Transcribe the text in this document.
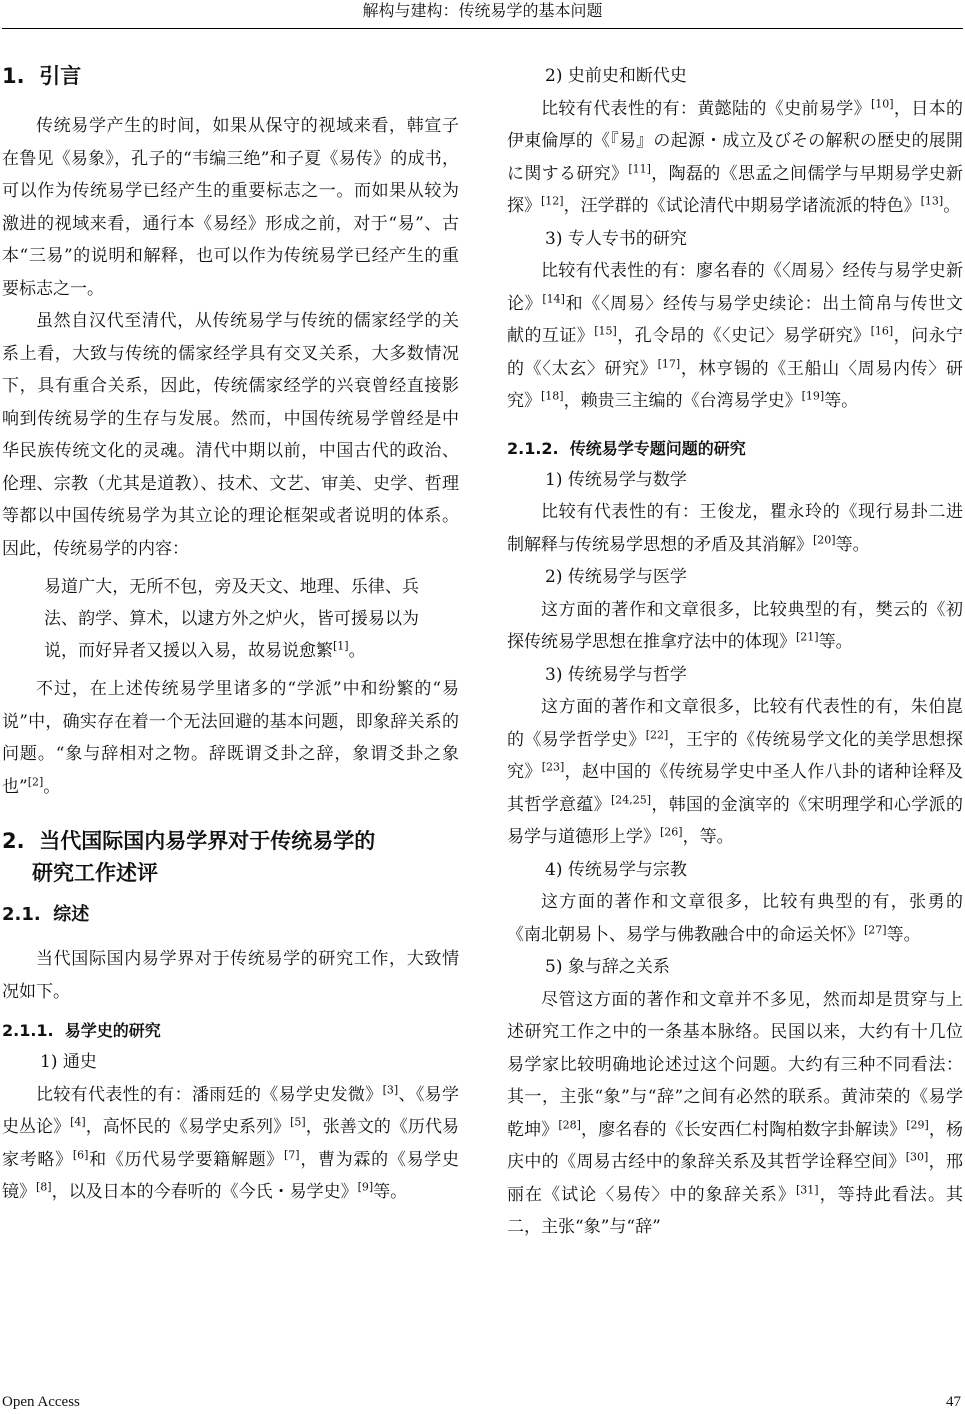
解构与建构：传统易学的基本问题
1. 引言

传统易学产生的时间，如果从保守的视域来看，韩宣子在鲁见《易象》，孔子的“韦编三绝”和子夏《易传》的成书，可以作为传统易学已经产生的重要标志之一。而如果从较为激进的视域来看，通行本《易经》形成之前，对于“易”、古本“三易”的说明和解释，也可以作为传统易学已经产生的重要标志之一。

虽然自汉代至清代，从传统易学与传统的儒家经学的关系上看，大致与传统的儒家经学具有交叉关系，大多数情况下，具有重合关系，因此，传统儒家经学的兴衰曾经直接影响到传统易学的生存与发展。然而，中国传统易学曾经是中华民族传统文化的灵魂。清代中期以前，中国古代的政治、伦理、宗教（尤其是道教）、技术、文艺、审美、史学、哲理等都以中国传统易学为其立论的理论框架或者说明的体系。因此，传统易学的内容：

易道广大，无所不包，旁及天文、地理、乐律、兵法、韵学、算术，以逮方外之炉火，皆可援易以为说，而好异者又援以入易，故易说愈繁[1]。

不过，在上述传统易学里诸多的“学派”中和纷繁的“易说”中，确实存在着一个无法回避的基本问题，即象辞关系的问题。“象与辞相对之物。辞既谓爻卦之辞，象谓爻卦之象也”[2]。

2. 当代国际国内易学界对于传统易学的
研究工作述评
2.1. 综述

当代国际国内易学界对于传统易学的研究工作，大致情况如下。

2.1.1. 易学史的研究

1) 通史

比较有代表性的有：潘雨廷的《易学史发微》[3]、《易学史丛论》[4]，高怀民的《易学史系列》[5]，张善文的《历代易家考略》[6]和《历代易学要籍解题》[7]，曹为霖的《易学史镜》[8]，以及日本的今春听的《今氏・易学史》[9]等。

2) 史前史和断代史

比较有代表性的有：黄懿陆的《史前易学》[10]，日本的伊東倫厚的《『易』の起源・成立及びその解釈の歴史的展開に関する研究》[11]，陶磊的《思孟之间儒学与早期易学史新探》[12]，汪学群的《试论清代中期易学诸流派的特色》[13]。

3) 专人专书的研究

比较有代表性的有：廖名春的《〈周易〉经传与易学史新论》[14]和《〈周易〉经传与易学史续论：出土简帛与传世文献的互证》[15]，孔令昂的《〈史记〉易学研究》[16]，问永宁的《〈太玄〉研究》[17]，林亨锡的《王船山〈周易内传〉研究》[18]，赖贵三主编的《台湾易学史》[19]等。

2.1.2. 传统易学专题问题的研究

1) 传统易学与数学

比较有代表性的有：王俊龙，瞿永玲的《现行易卦二进制解释与传统易学思想的矛盾及其消解》[20]等。

2) 传统易学与医学

这方面的著作和文章很多，比较典型的有，樊云的《初探传统易学思想在推拿疗法中的体现》[21]等。

3) 传统易学与哲学

这方面的著作和文章很多，比较有代表性的有，朱伯崑的《易学哲学史》[22]，王宇的《传统易学文化的美学思想探究》[23]，赵中国的《传统易学史中圣人作八卦的诸种诠释及其哲学意蕴》[24,25]，韩国的金演宰的《宋明理学和心学派的易学与道德形上学》[26]，等。

4) 传统易学与宗教

这方面的著作和文章很多，比较有典型的有，张勇的《南北朝易卜、易学与佛教融合中的命运关怀》[27]等。

5) 象与辞之关系

尽管这方面的著作和文章并不多见，然而却是贯穿与上述研究工作之中的一条基本脉络。民国以来，大约有十几位易学家比较明确地论述过这个问题。大约有三种不同看法：其一，主张“象”与“辞”之间有必然的联系。黄沛荣的《易学乾坤》[28]，廖名春的《长安西仁村陶柏数字卦解读》[29]，杨庆中的《周易古经中的象辞关系及其哲学诠释空间》[30]，邢丽在《试论〈易传〉中的象辞关系》[31]，等持此看法。其二，主张“象”与“辞”

Open Access	47
